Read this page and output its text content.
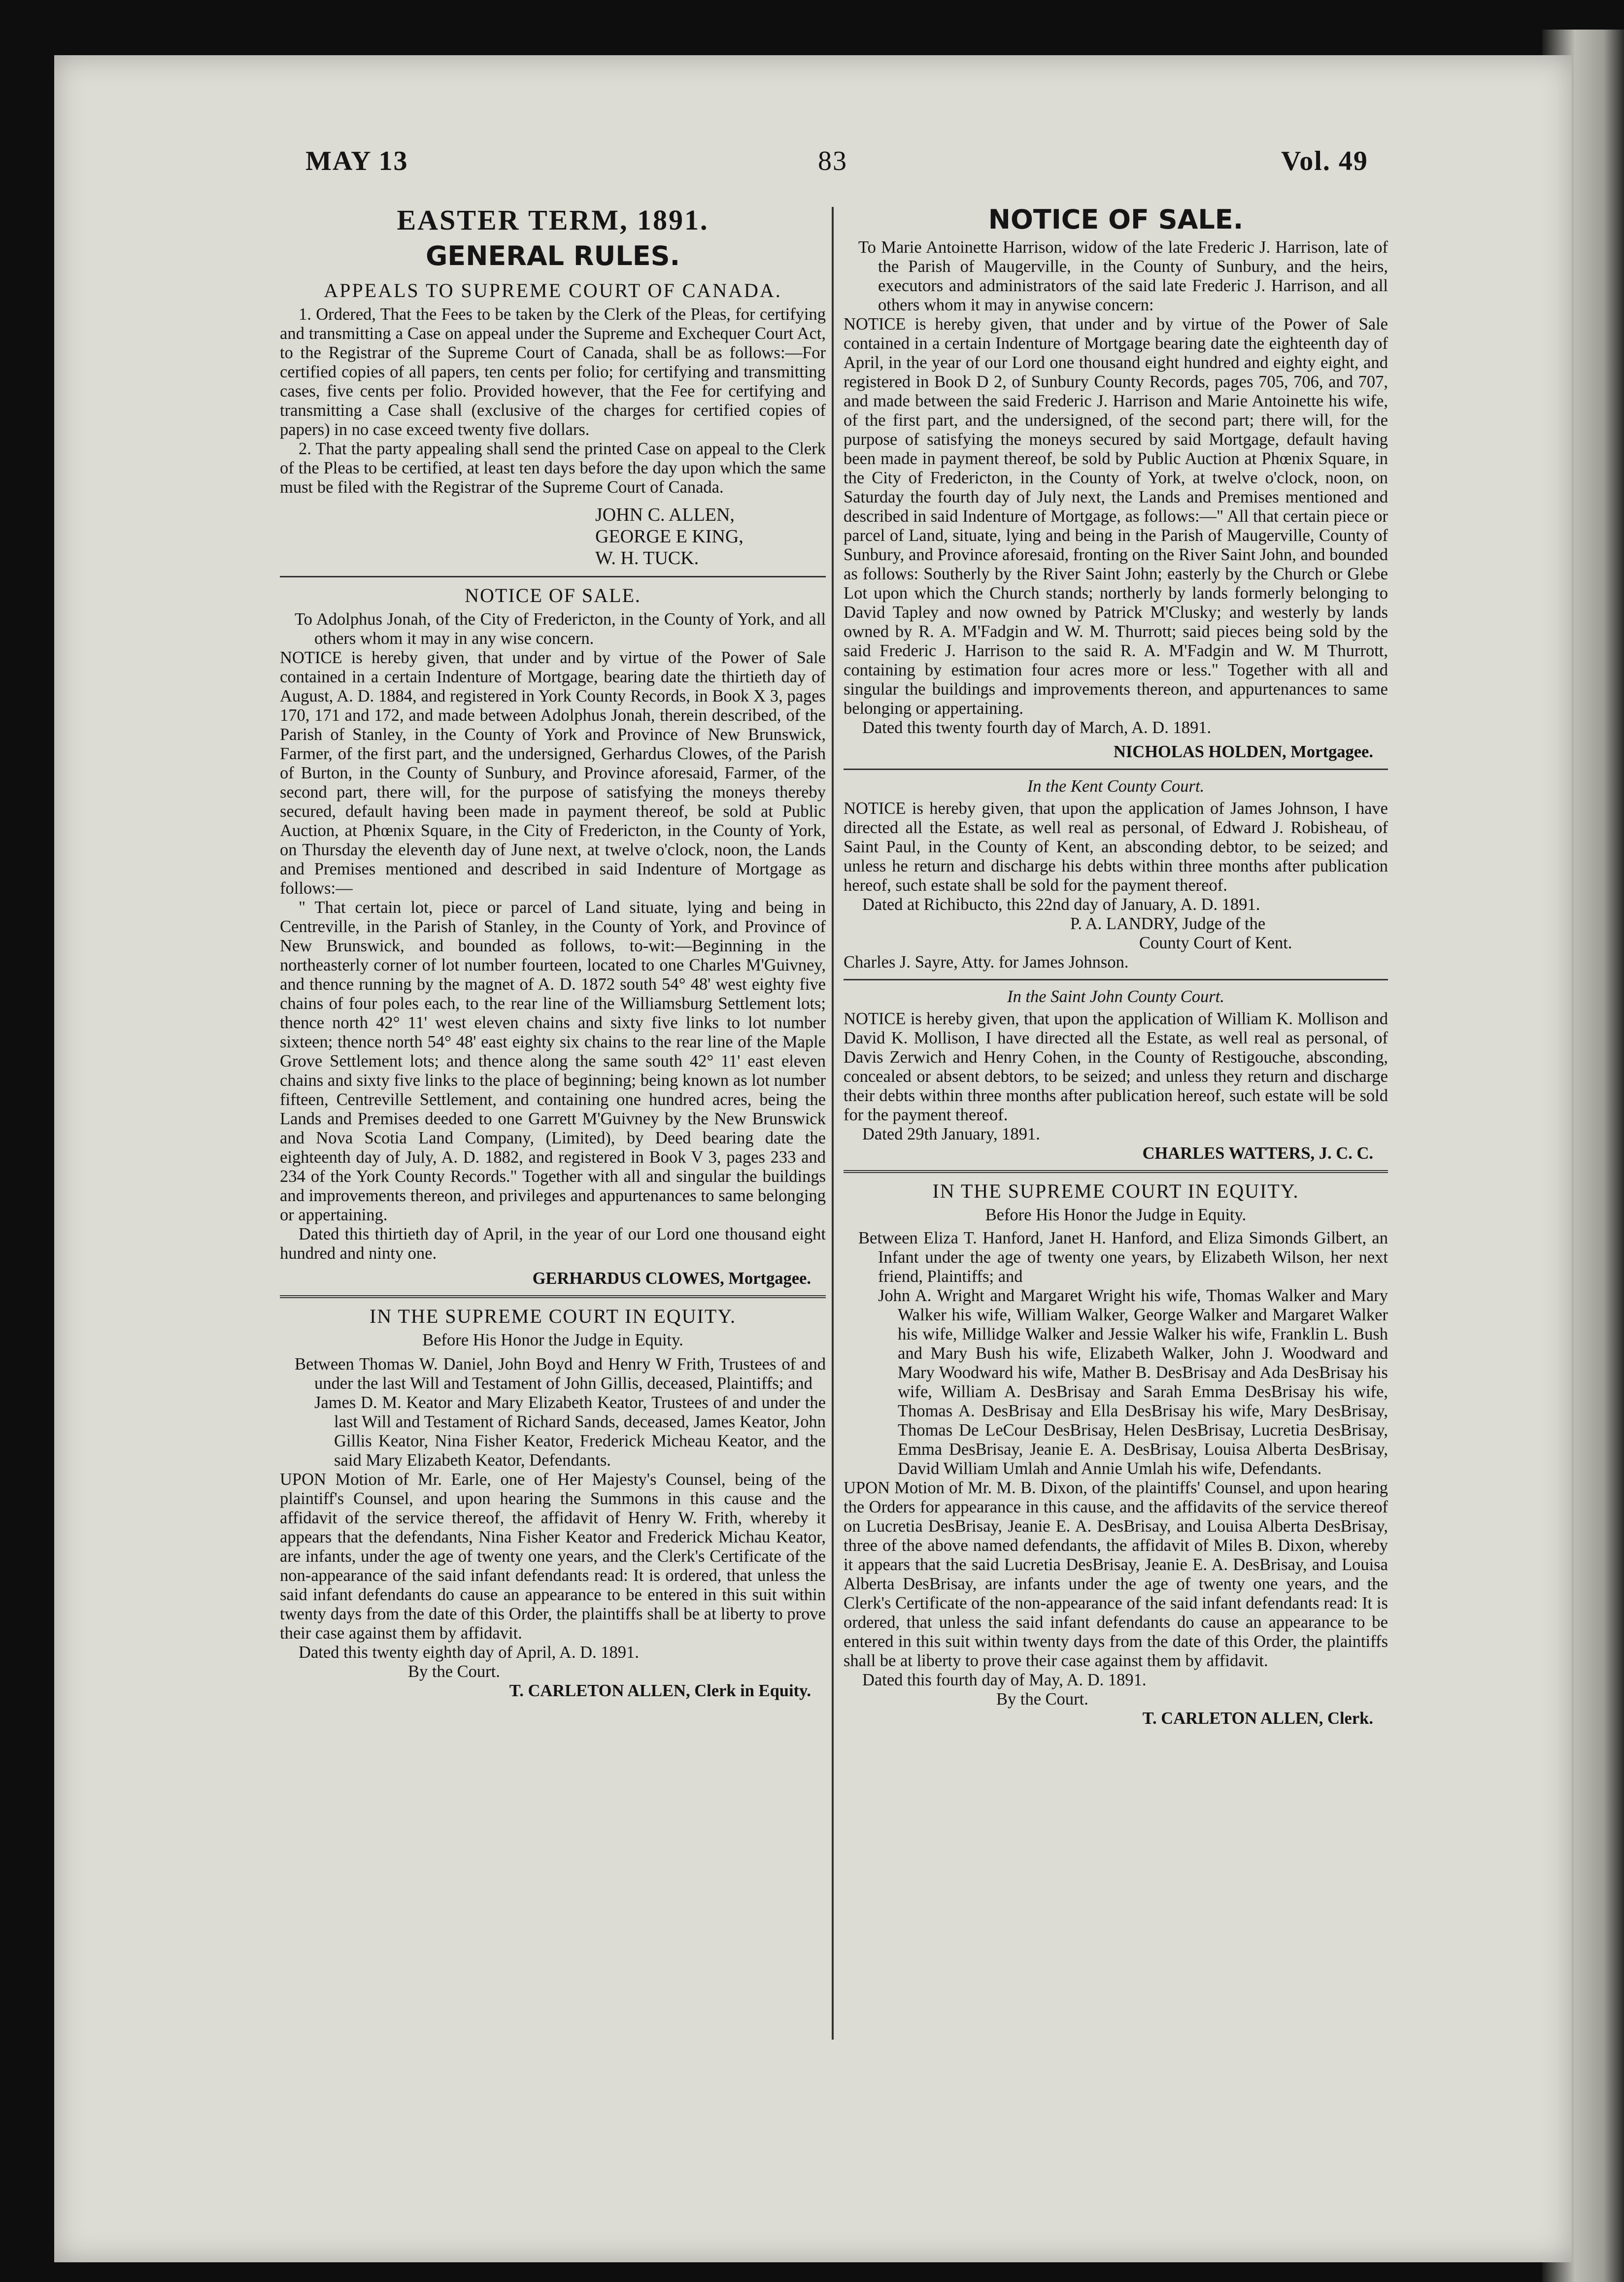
MAY 13	83	Vol. 49

EASTER TERM, 1891.

GENERAL RULES.

APPEALS TO SUPREME COURT OF CANADA.

1. Ordered, That the Fees to be taken by the Clerk of the Pleas, for certifying and transmitting a Case on appeal under the Supreme and Exchequer Court Act, to the Registrar of the Supreme Court of Canada, shall be as follows:—For certified copies of all papers, ten cents per folio; for certifying and transmitting cases, five cents per folio. Provided however, that the Fee for certifying and transmitting a Case shall (exclusive of the charges for certified copies of papers) in no case exceed twenty five dollars.

2. That the party appealing shall send the printed Case on appeal to the Clerk of the Pleas to be certified, at least ten days before the day upon which the same must be filed with the Registrar of the Supreme Court of Canada.

JOHN C. ALLEN,

GEORGE E KING,

W. H. TUCK.

NOTICE OF SALE.

To Adolphus Jonah, of the City of Fredericton, in the County of York, and all others whom it may in any wise concern.

NOTICE is hereby given, that under and by virtue of the Power of Sale contained in a certain Indenture of Mortgage, bearing date the thirtieth day of August, A. D. 1884, and registered in York County Records, in Book X 3, pages 170, 171 and 172, and made between Adolphus Jonah, therein described, of the Parish of Stanley, in the County of York and Province of New Brunswick, Farmer, of the first part, and the undersigned, Gerhardus Clowes, of the Parish of Burton, in the County of Sunbury, and Province aforesaid, Farmer, of the second part, there will, for the purpose of satisfying the moneys thereby secured, default having been made in payment thereof, be sold at Public Auction, at Phœnix Square, in the City of Fredericton, in the County of York, on Thursday the eleventh day of June next, at twelve o'clock, noon, the Lands and Premises mentioned and described in said Indenture of Mortgage as follows:—

" That certain lot, piece or parcel of Land situate, lying and being in Centreville, in the Parish of Stanley, in the County of York, and Province of New Brunswick, and bounded as follows, to-wit:—Beginning in the northeasterly corner of lot number fourteen, located to one Charles M'Guivney, and thence running by the magnet of A. D. 1872 south 54° 48' west eighty five chains of four poles each, to the rear line of the Williamsburg Settlement lots; thence north 42° 11' west eleven chains and sixty five links to lot number sixteen; thence north 54° 48' east eighty six chains to the rear line of the Maple Grove Settlement lots; and thence along the same south 42° 11' east eleven chains and sixty five links to the place of beginning; being known as lot number fifteen, Centreville Settlement, and containing one hundred acres, being the Lands and Premises deeded to one Garrett M'Guivney by the New Brunswick and Nova Scotia Land Company, (Limited), by Deed bearing date the eighteenth day of July, A. D. 1882, and registered in Book V 3, pages 233 and 234 of the York County Records." Together with all and singular the buildings and improvements thereon, and privileges and appurtenances to same belonging or appertaining.

Dated this thirtieth day of April, in the year of our Lord one thousand eight hundred and ninty one.

GERHARDUS CLOWES, Mortgagee.

IN THE SUPREME COURT IN EQUITY.

Before His Honor the Judge in Equity.

Between Thomas W. Daniel, John Boyd and Henry W Frith, Trustees of and under the last Will and Testament of John Gillis, deceased, Plaintiffs; and

James D. M. Keator and Mary Elizabeth Keator, Trustees of and under the last Will and Testament of Richard Sands, deceased, James Keator, John Gillis Keator, Nina Fisher Keator, Frederick Micheau Keator, and the said Mary Elizabeth Keator, Defendants.

UPON Motion of Mr. Earle, one of Her Majesty's Counsel, being of the plaintiff's Counsel, and upon hearing the Summons in this cause and the affidavit of the service thereof, the affidavit of Henry W. Frith, whereby it appears that the defendants, Nina Fisher Keator and Frederick Michau Keator, are infants, under the age of twenty one years, and the Clerk's Certificate of the non-appearance of the said infant defendants read: It is ordered, that unless the said infant defendants do cause an appearance to be entered in this suit within twenty days from the date of this Order, the plaintiffs shall be at liberty to prove their case against them by affidavit.

Dated this twenty eighth day of April, A. D. 1891.

By the Court.

T. CARLETON ALLEN, Clerk in Equity.

NOTICE OF SALE.

To Marie Antoinette Harrison, widow of the late Frederic J. Harrison, late of the Parish of Maugerville, in the County of Sunbury, and the heirs, executors and administrators of the said late Frederic J. Harrison, and all others whom it may in anywise concern:

NOTICE is hereby given, that under and by virtue of the Power of Sale contained in a certain Indenture of Mortgage bearing date the eighteenth day of April, in the year of our Lord one thousand eight hundred and eighty eight, and registered in Book D 2, of Sunbury County Records, pages 705, 706, and 707, and made between the said Frederic J. Harrison and Marie Antoinette his wife, of the first part, and the undersigned, of the second part; there will, for the purpose of satisfying the moneys secured by said Mortgage, default having been made in payment thereof, be sold by Public Auction at Phœnix Square, in the City of Fredericton, in the County of York, at twelve o'clock, noon, on Saturday the fourth day of July next, the Lands and Premises mentioned and described in said Indenture of Mortgage, as follows:—" All that certain piece or parcel of Land, situate, lying and being in the Parish of Maugerville, County of Sunbury, and Province aforesaid, fronting on the River Saint John, and bounded as follows: Southerly by the River Saint John; easterly by the Church or Glebe Lot upon which the Church stands; northerly by lands formerly belonging to David Tapley and now owned by Patrick M'Clusky; and westerly by lands owned by R. A. M'Fadgin and W. M. Thurrott; said pieces being sold by the said Frederic J. Harrison to the said R. A. M'Fadgin and W. M Thurrott, containing by estimation four acres more or less." Together with all and singular the buildings and improvements thereon, and appurtenances to same belonging or appertaining.

Dated this twenty fourth day of March, A. D. 1891.

NICHOLAS HOLDEN, Mortgagee.

In the Kent County Court.

NOTICE is hereby given, that upon the application of James Johnson, I have directed all the Estate, as well real as personal, of Edward J. Robisheau, of Saint Paul, in the County of Kent, an absconding debtor, to be seized; and unless he return and discharge his debts within three months after publication hereof, such estate shall be sold for the payment thereof.

Dated at Richibucto, this 22nd day of January, A. D. 1891.

P. A. LANDRY, Judge of the

County Court of Kent.

Charles J. Sayre, Atty. for James Johnson.

In the Saint John County Court.

NOTICE is hereby given, that upon the application of William K. Mollison and David K. Mollison, I have directed all the Estate, as well real as personal, of Davis Zerwich and Henry Cohen, in the County of Restigouche, absconding, concealed or absent debtors, to be seized; and unless they return and discharge their debts within three months after publication hereof, such estate will be sold for the payment thereof.

Dated 29th January, 1891.

CHARLES WATTERS, J. C. C.

IN THE SUPREME COURT IN EQUITY.

Before His Honor the Judge in Equity.

Between Eliza T. Hanford, Janet H. Hanford, and Eliza Simonds Gilbert, an Infant under the age of twenty one years, by Elizabeth Wilson, her next friend, Plaintiffs; and

John A. Wright and Margaret Wright his wife, Thomas Walker and Mary Walker his wife, William Walker, George Walker and Margaret Walker his wife, Millidge Walker and Jessie Walker his wife, Franklin L. Bush and Mary Bush his wife, Elizabeth Walker, John J. Woodward and Mary Woodward his wife, Mather B. DesBrisay and Ada DesBrisay his wife, William A. DesBrisay and Sarah Emma DesBrisay his wife, Thomas A. DesBrisay and Ella DesBrisay his wife, Mary DesBrisay, Thomas De LeCour DesBrisay, Helen DesBrisay, Lucretia DesBrisay, Emma DesBrisay, Jeanie E. A. DesBrisay, Louisa Alberta DesBrisay, David William Umlah and Annie Umlah his wife, Defendants.

UPON Motion of Mr. M. B. Dixon, of the plaintiffs' Counsel, and upon hearing the Orders for appearance in this cause, and the affidavits of the service thereof on Lucretia DesBrisay, Jeanie E. A. DesBrisay, and Louisa Alberta DesBrisay, three of the above named defendants, the affidavit of Miles B. Dixon, whereby it appears that the said Lucretia DesBrisay, Jeanie E. A. DesBrisay, and Louisa Alberta DesBrisay, are infants under the age of twenty one years, and the Clerk's Certificate of the non-appearance of the said infant defendants read: It is ordered, that unless the said infant defendants do cause an appearance to be entered in this suit within twenty days from the date of this Order, the plaintiffs shall be at liberty to prove their case against them by affidavit.

Dated this fourth day of May, A. D. 1891.

By the Court.

T. CARLETON ALLEN, Clerk.
